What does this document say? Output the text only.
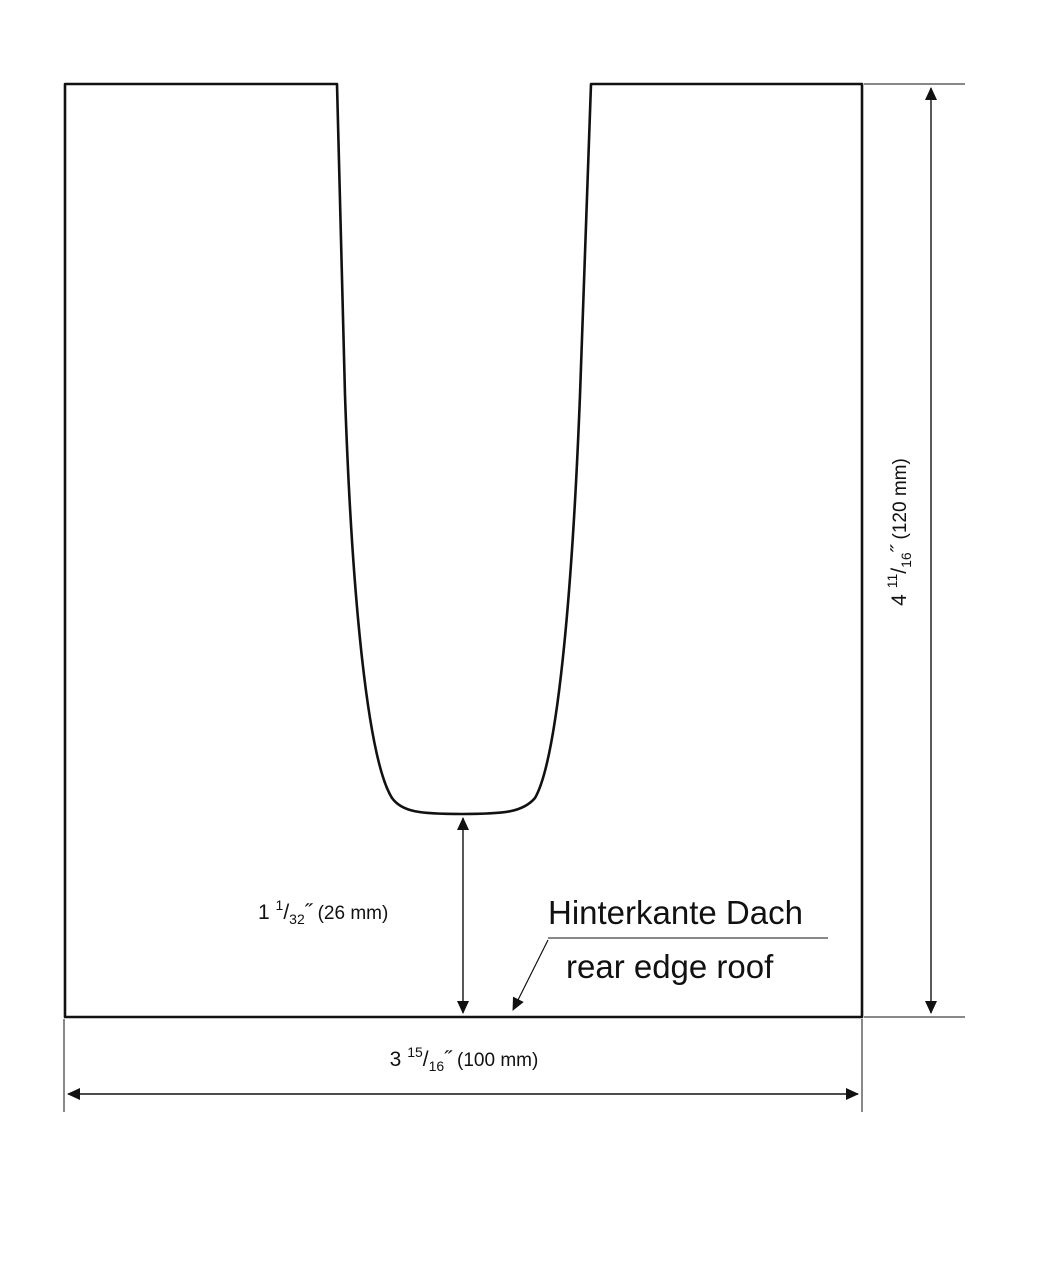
4 $^{11}/_{16}˝$ (120 mm)
3 $^{15}/_{16}˝$ (100 mm)
1 $^1/_{32}˝$ (26 mm)	Hinterkante Dach
rear edge roof
